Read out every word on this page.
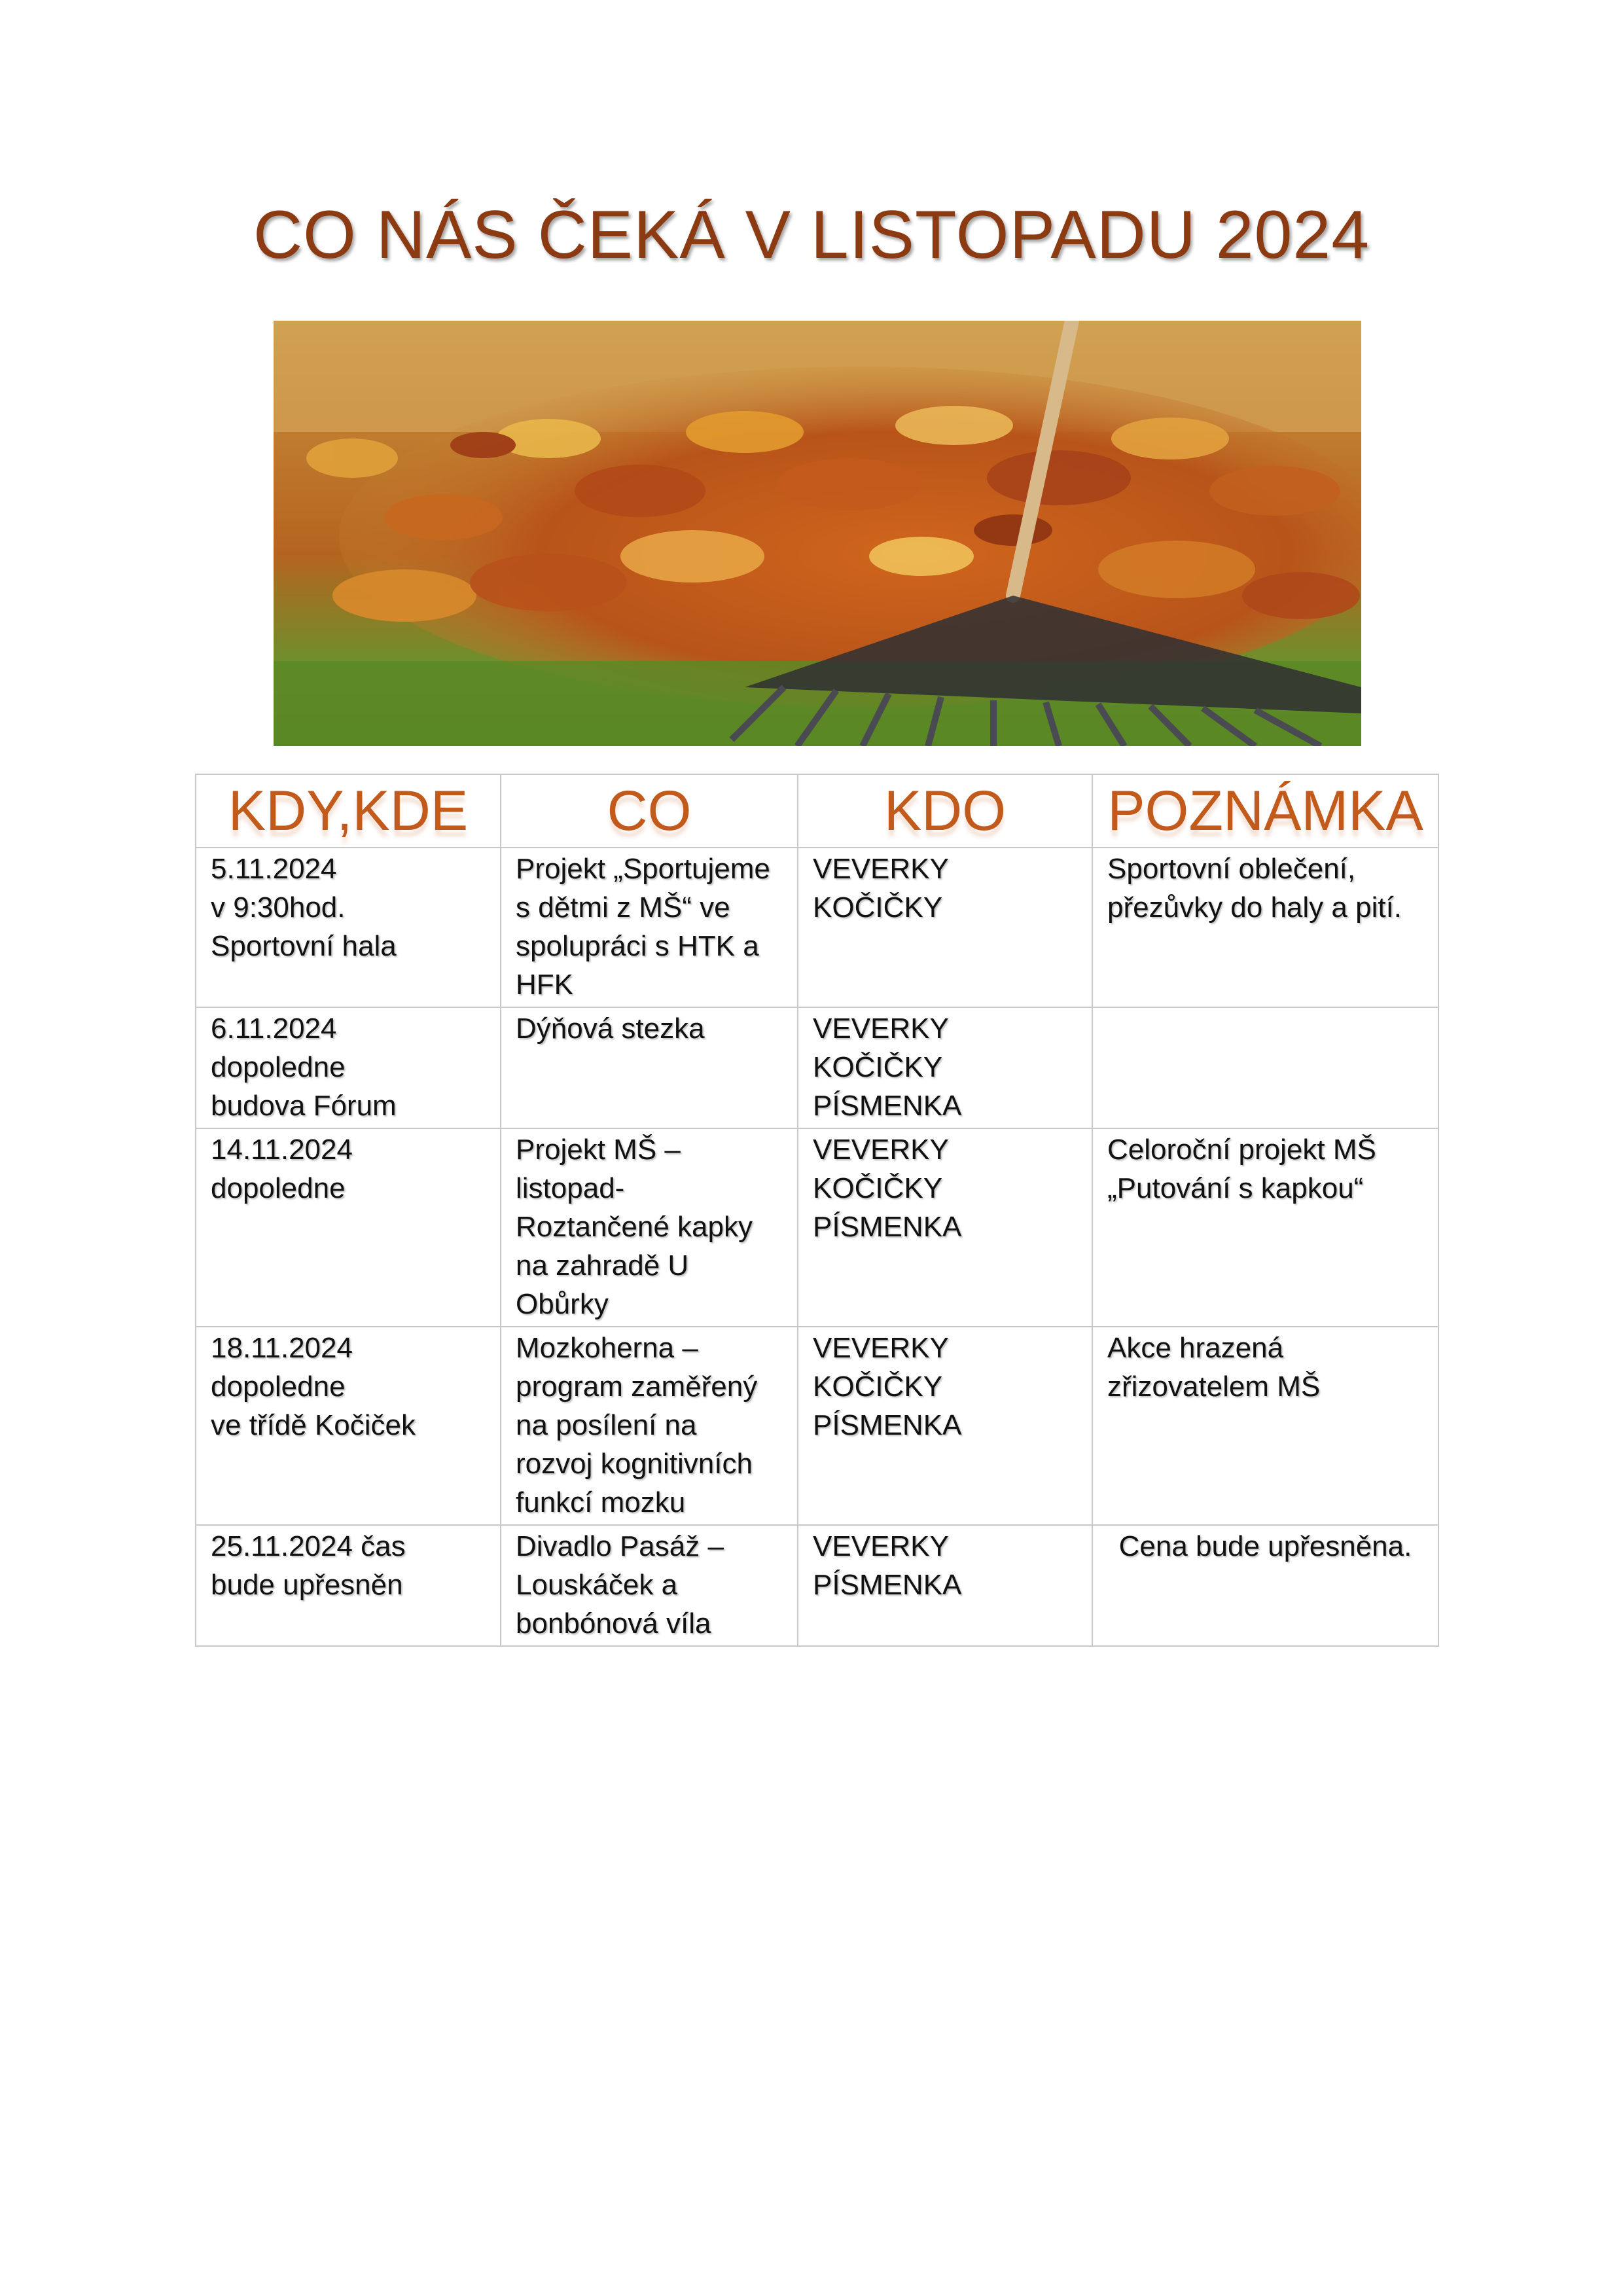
CO NÁS ČEKÁ V LISTOPADU 2024
KDY,KDE	CO	KDO	POZNÁMKA

5.11.2024
v 9:30hod.
Sportovní hala	Projekt „Sportujeme
s dětmi z MŠ“ ve
spolupráci s HTK a
HFK	VEVERKY
KOČIČKY	Sportovní oblečení,
přezůvky do haly a pití.

6.11.2024
dopoledne
budova Fórum	Dýňová stezka	VEVERKY
KOČIČKY
PÍSMENKA	

14.11.2024
dopoledne	Projekt MŠ –
listopad-
Roztančené kapky
na zahradě U
Obůrky	VEVERKY
KOČIČKY
PÍSMENKA	Celoroční projekt MŠ
„Putování s kapkou“

18.11.2024
dopoledne
ve třídě Kočiček	Mozkoherna –
program zaměřený
na posílení na
rozvoj kognitivních
funkcí mozku	VEVERKY
KOČIČKY
PÍSMENKA	Akce hrazená
zřizovatelem MŠ

25.11.2024 čas
bude upřesněn	Divadlo Pasáž –
Louskáček a
bonbónová víla	VEVERKY
PÍSMENKA	Cena bude upřesněna.
